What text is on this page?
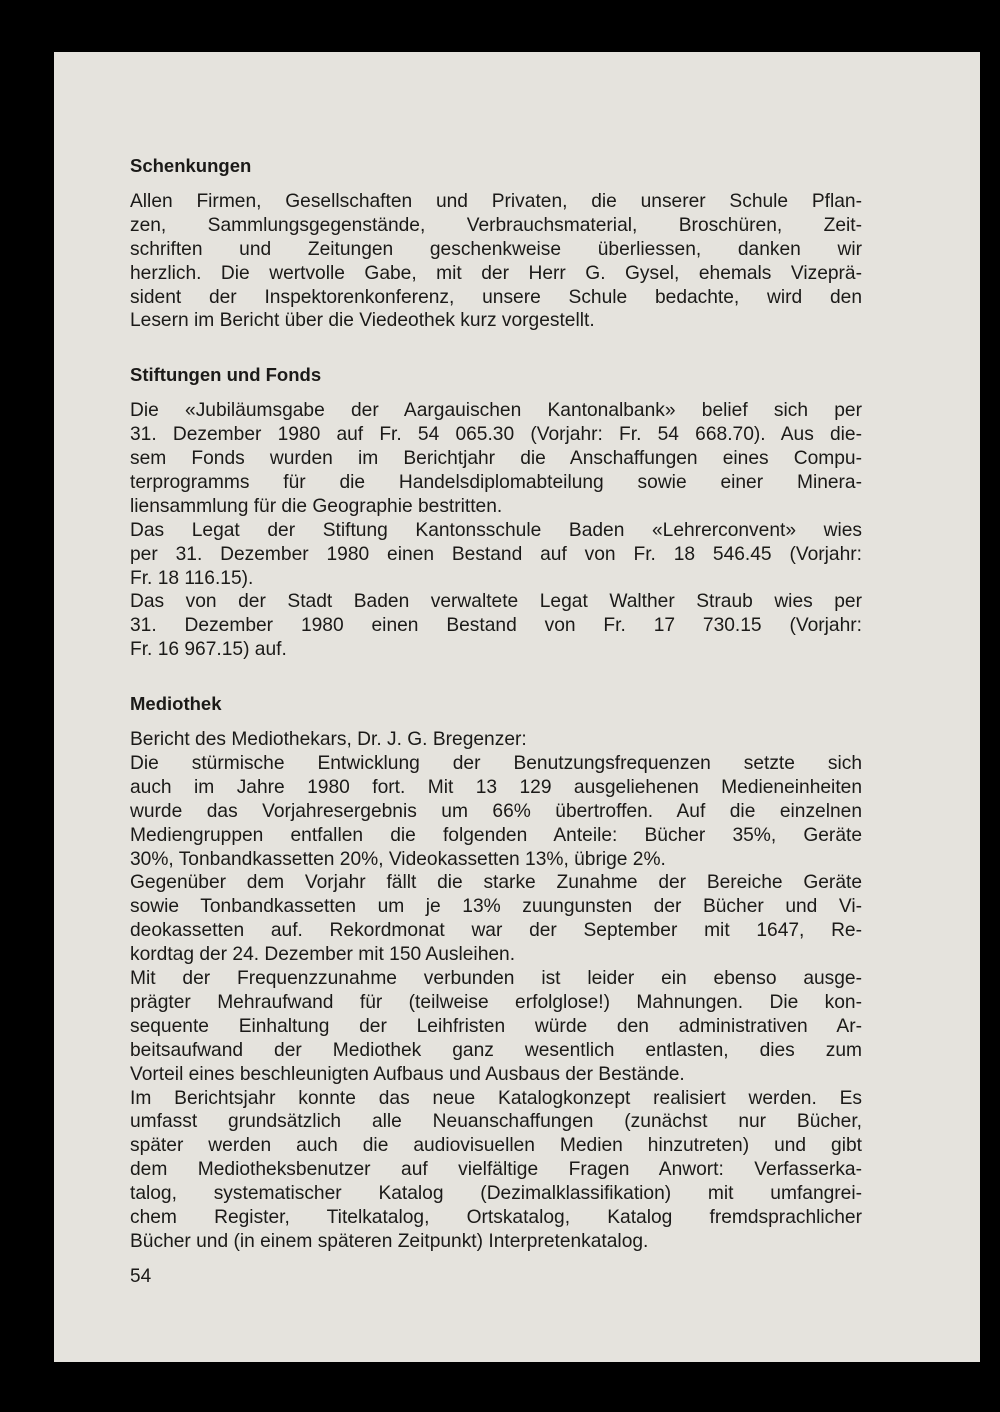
Schenkungen
Allen Firmen, Gesellschaften und Privaten, die unserer Schule Pflan-
zen, Sammlungsgegenstände, Verbrauchsmaterial, Broschüren, Zeit-
schriften und Zeitungen geschenkweise überliessen, danken wir
herzlich. Die wertvolle Gabe, mit der Herr G. Gysel, ehemals Vizeprä-
sident der Inspektorenkonferenz, unsere Schule bedachte, wird den
Lesern im Bericht über die Viedeothek kurz vorgestellt.
Stiftungen und Fonds
Die «Jubiläumsgabe der Aargauischen Kantonalbank» belief sich per
31. Dezember 1980 auf Fr. 54 065.30 (Vorjahr: Fr. 54 668.70). Aus die-
sem Fonds wurden im Berichtjahr die Anschaffungen eines Compu-
terprogramms für die Handelsdiplomabteilung sowie einer Minera-
liensammlung für die Geographie bestritten.
Das Legat der Stiftung Kantonsschule Baden «Lehrerconvent» wies
per 31. Dezember 1980 einen Bestand auf von Fr. 18 546.45 (Vorjahr:
Fr. 18 116.15).
Das von der Stadt Baden verwaltete Legat Walther Straub wies per
31. Dezember 1980 einen Bestand von Fr. 17 730.15 (Vorjahr:
Fr. 16 967.15) auf.
Mediothek
Bericht des Mediothekars, Dr. J. G. Bregenzer:
Die stürmische Entwicklung der Benutzungsfrequenzen setzte sich
auch im Jahre 1980 fort. Mit 13 129 ausgeliehenen Medieneinheiten
wurde das Vorjahresergebnis um 66% übertroffen. Auf die einzelnen
Mediengruppen entfallen die folgenden Anteile: Bücher 35%, Geräte
30%, Tonbandkassetten 20%, Videokassetten 13%, übrige 2%.
Gegenüber dem Vorjahr fällt die starke Zunahme der Bereiche Geräte
sowie Tonbandkassetten um je 13% zuungunsten der Bücher und Vi-
deokassetten auf. Rekordmonat war der September mit 1647, Re-
kordtag der 24. Dezember mit 150 Ausleihen.
Mit der Frequenzzunahme verbunden ist leider ein ebenso ausge-
prägter Mehraufwand für (teilweise erfolglose!) Mahnungen. Die kon-
sequente Einhaltung der Leihfristen würde den administrativen Ar-
beitsaufwand der Mediothek ganz wesentlich entlasten, dies zum
Vorteil eines beschleunigten Aufbaus und Ausbaus der Bestände.
Im Berichtsjahr konnte das neue Katalogkonzept realisiert werden. Es
umfasst grundsätzlich alle Neuanschaffungen (zunächst nur Bücher,
später werden auch die audiovisuellen Medien hinzutreten) und gibt
dem Mediotheksbenutzer auf vielfältige Fragen Anwort: Verfasserka-
talog, systematischer Katalog (Dezimalklassifikation) mit umfangrei-
chem Register, Titelkatalog, Ortskatalog, Katalog fremdsprachlicher
Bücher und (in einem späteren Zeitpunkt) Interpretenkatalog.
54
